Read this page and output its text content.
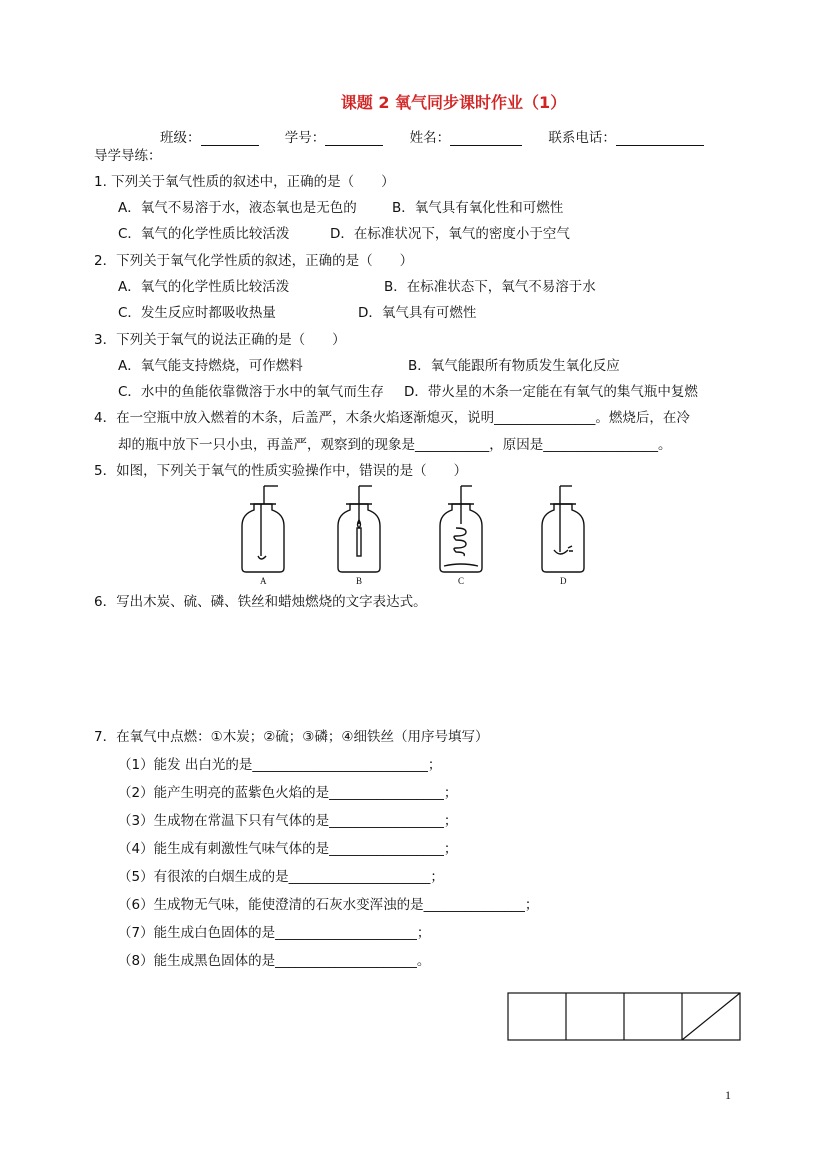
课题 2 氧气同步课时作业（1）
班级：	学号：	姓名：	联系电话：
导学导练：
1. 下列关于氧气性质的叙述中，正确的是（　　）
A．氧气不易溶于水，液态氧也是无色的	B．氧气具有氧化性和可燃性
C．氧气的化学性质比较活泼	D．在标准状况下，氧气的密度小于空气
2．下列关于氧气化学性质的叙述，正确的是（　　）
A．氧气的化学性质比较活泼	B．在标准状态下，氧气不易溶于水
C．发生反应时都吸收热量	D．氧气具有可燃性
3．下列关于氧气的说法正确的是（　　）
A．氧气能支持燃烧，可作燃料	B．氧气能跟所有物质发生氧化反应
C．水中的鱼能依靠微溶于水中的氧气而生存 D．带火星的木条一定能在有氧气的集气瓶中复燃
4．在一空瓶中放入燃着的木条，后盖严，木条火焰逐渐熄灭，说明_______________。燃烧后，在冷
却的瓶中放下一只小虫，再盖严，观察到的现象是___________，原因是_________________。
5．如图，下列关于氧气的性质实验操作中，错误的是（　　）
A	B	C	D
6．写出木炭、硫、磷、铁丝和蜡烛燃烧的文字表达式。
7．在氧气中点燃：①木炭；②硫；③磷；④细铁丝（用序号填写）
（1）能发 出白光的是__________________________；
（2）能产生明亮的蓝紫色火焰的是_________________；
（3）生成物在常温下只有气体的是_________________；
（4）能生成有刺激性气味气体的是_________________；
（5）有很浓的白烟生成的是_____________________；
（6）生成物无气味，能使澄清的石灰水变浑浊的是_______________；
（7）能生成白色固体的是_____________________；
（8）能生成黑色固体的是_____________________。
1
